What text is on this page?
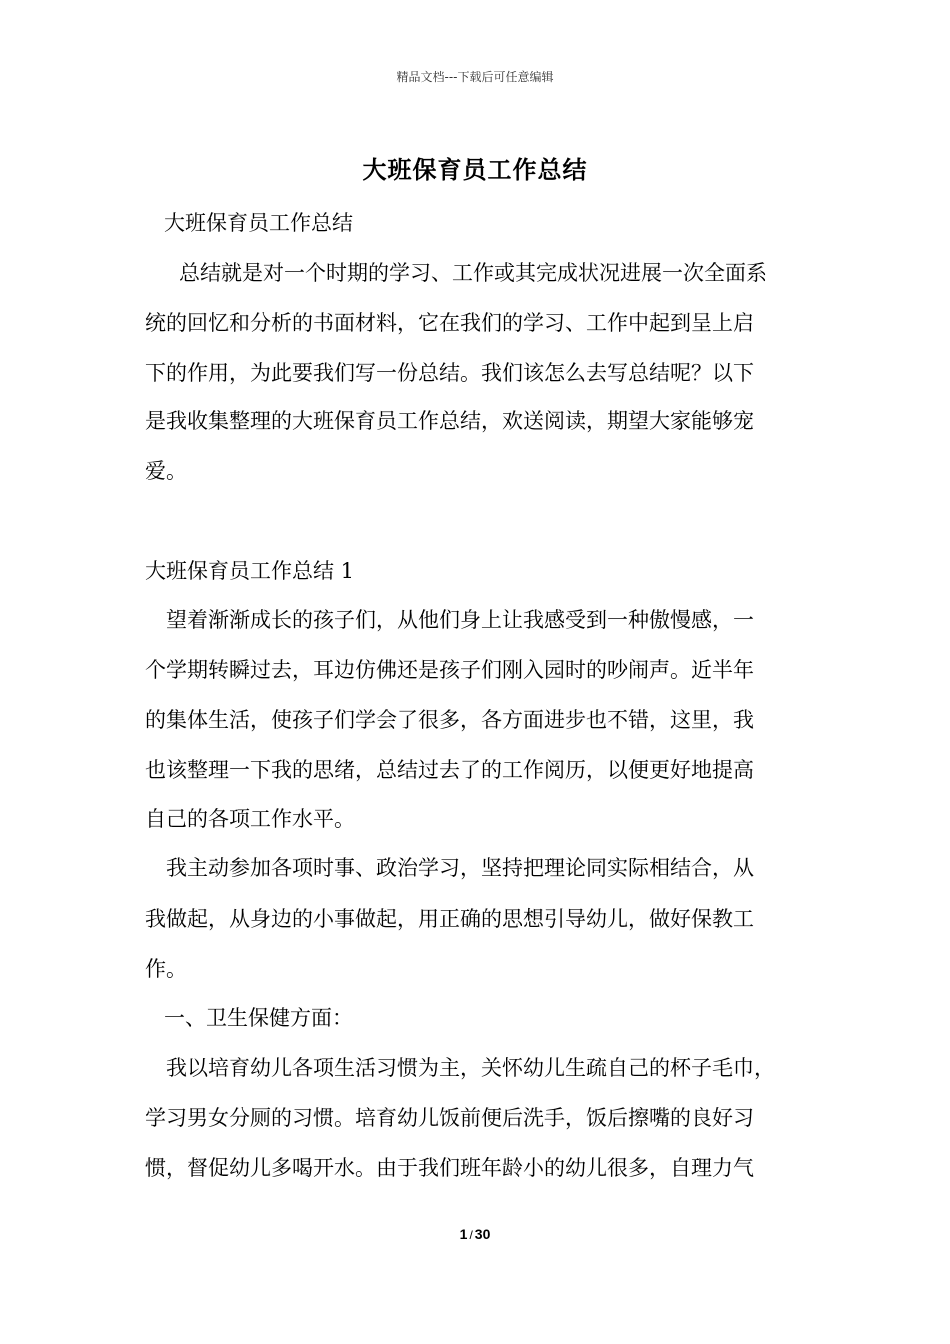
精品文档---下载后可任意编辑
大班保育员工作总结
大班保育员工作总结
总结就是对一个时期的学习、工作或其完成状况进展一次全面系
统的回忆和分析的书面材料，它在我们的学习、工作中起到呈上启
下的作用，为此要我们写一份总结。我们该怎么去写总结呢？以下
是我收集整理的大班保育员工作总结，欢送阅读，期望大家能够宠
爱。
大班保育员工作总结 1
望着渐渐成长的孩子们，从他们身上让我感受到一种傲慢感，一
个学期转瞬过去，耳边仿佛还是孩子们刚入园时的吵闹声。近半年
的集体生活，使孩子们学会了很多，各方面进步也不错，这里，我
也该整理一下我的思绪，总结过去了的工作阅历，以便更好地提高
自己的各项工作水平。
我主动参加各项时事、政治学习，坚持把理论同实际相结合，从
我做起，从身边的小事做起，用正确的思想引导幼儿，做好保教工
作。
一、卫生保健方面：
我以培育幼儿各项生活习惯为主，关怀幼儿生疏自己的杯子毛巾，
学习男女分厕的习惯。培育幼儿饭前便后洗手，饭后擦嘴的良好习
惯，督促幼儿多喝开水。由于我们班年龄小的幼儿很多，自理力气
1 / 30
